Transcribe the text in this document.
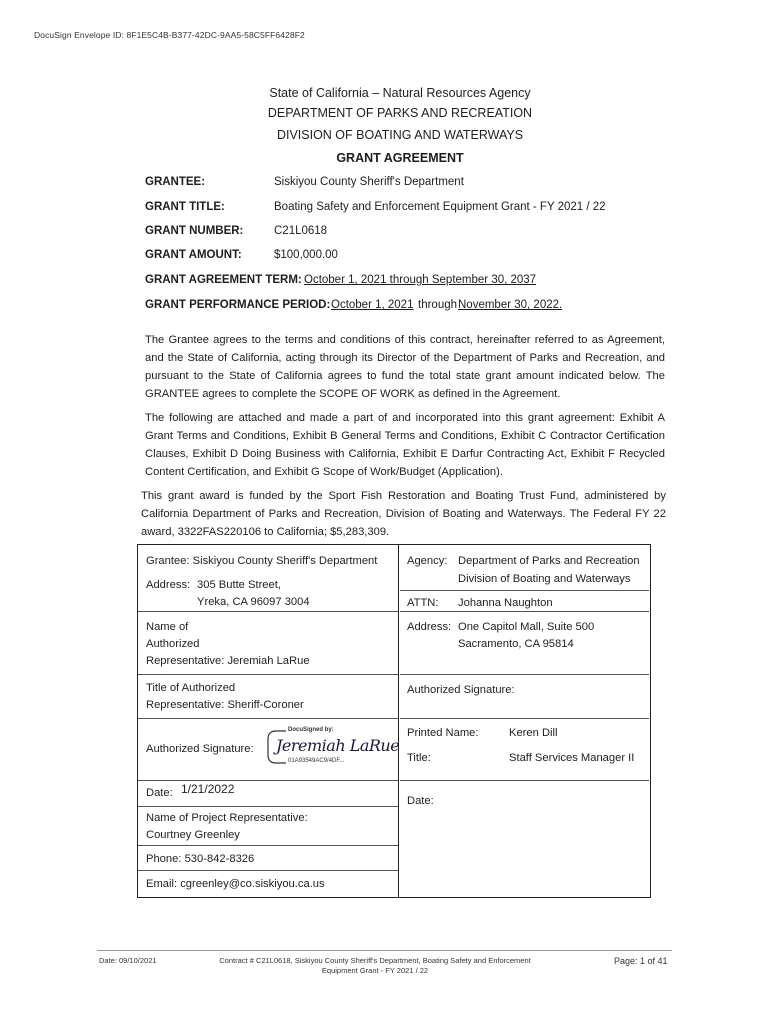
DocuSign Envelope ID: 8F1E5C4B-B377-42DC-9AA5-58C5FF6428F2
State of California – Natural Resources Agency
DEPARTMENT OF PARKS AND RECREATION
DIVISION OF BOATING AND WATERWAYS
GRANT AGREEMENT
GRANTEE:	Siskiyou County Sheriff's Department
GRANT TITLE:	Boating Safety and Enforcement Equipment Grant - FY 2021 / 22
GRANT NUMBER:	C21L0618
GRANT AMOUNT:	$100,000.00
GRANT AGREEMENT TERM: October 1, 2021 through September 30, 2037
GRANT PERFORMANCE PERIOD: October 1, 2021 through November 30, 2022.
The Grantee agrees to the terms and conditions of this contract, hereinafter referred to as Agreement, and the State of California, acting through its Director of the Department of Parks and Recreation, and pursuant to the State of California agrees to fund the total state grant amount indicated below. The GRANTEE agrees to complete the SCOPE OF WORK as defined in the Agreement.
The following are attached and made a part of and incorporated into this grant agreement: Exhibit A Grant Terms and Conditions, Exhibit B General Terms and Conditions, Exhibit C Contractor Certification Clauses, Exhibit D Doing Business with California, Exhibit E Darfur Contracting Act, Exhibit F Recycled Content Certification, and Exhibit G Scope of Work/Budget (Application).
This grant award is funded by the Sport Fish Restoration and Boating Trust Fund, administered by California Department of Parks and Recreation, Division of Boating and Waterways. The Federal FY 22 award, 3322FAS220106 to California; $5,283,309.
Grantee: Siskiyou County Sheriff's Department
Address: 305 Butte Street,
Yreka, CA 96097 3004
Name of
Authorized
Representative: Jeremiah LaRue
Title of Authorized
Representative: Sheriff-Coroner
Authorized Signature:
DocuSigned by:
Jeremiah LaRue
01A93549AC9/4DF...
Date: 1/21/2022
Name of Project Representative:
Courtney Greenley
Phone: 530-842-8326
Email: cgreenley@co.siskiyou.ca.us
Agency: Department of Parks and Recreation
Division of Boating and Waterways
ATTN: Johanna Naughton
Address: One Capitol Mall, Suite 500
Sacramento, CA 95814
Authorized Signature:
Printed Name:	Keren Dill
Title:	Staff Services Manager II
Date:
Date: 09/10/2021	Contract # C21L0618, Siskiyou County Sheriff's Department, Boating Safety and Enforcement
Equipment Grant - FY 2021 / 22
Page: 1 of 41
